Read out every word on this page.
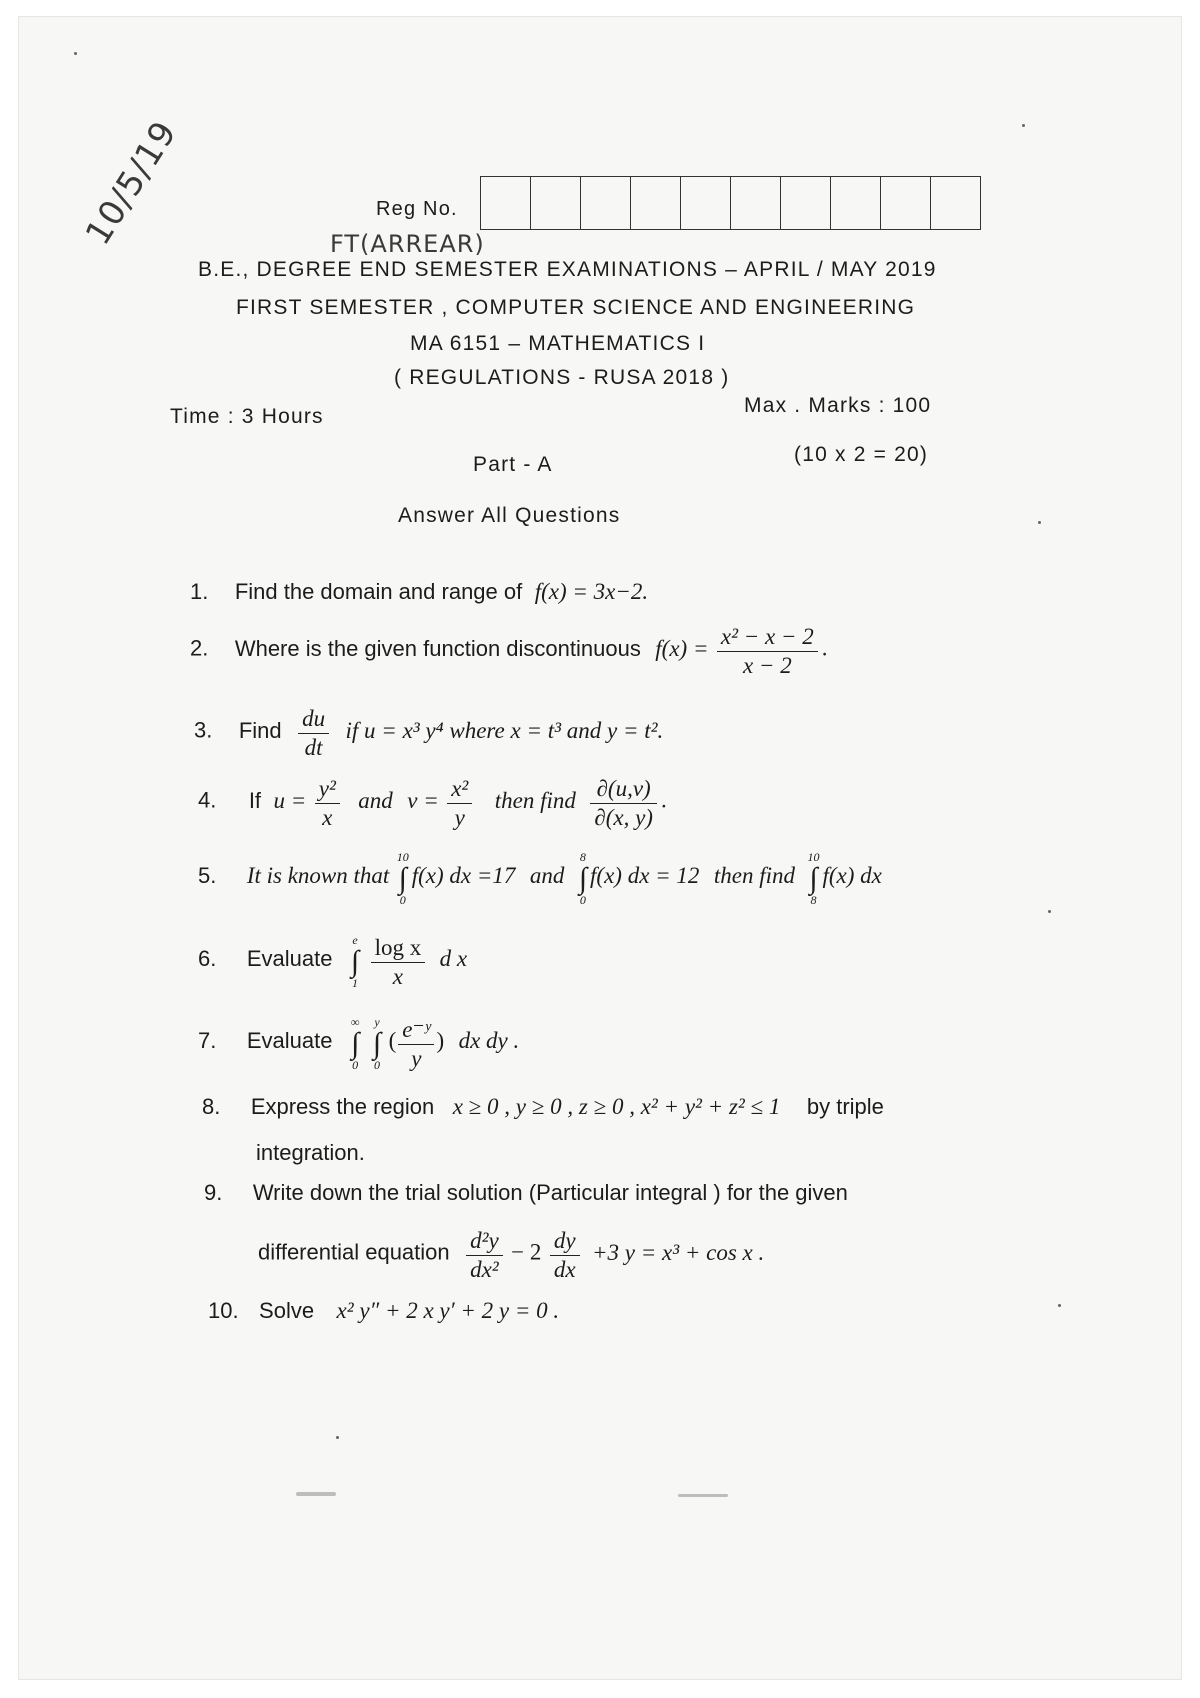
10/5/19	FT(ARREAR)
Reg No.
B.E., DEGREE END SEMESTER EXAMINATIONS – APRIL / MAY 2019
FIRST SEMESTER , COMPUTER SCIENCE AND ENGINEERING
MA 6151 – MATHEMATICS I
( REGULATIONS - RUSA 2018 )
Time : 3 Hours	Max . Marks : 100
Part - A	(10 x 2 = 20)
Answer All Questions
1. Find the domain and range of f(x) = 3x−2.
2. Where is the given function discontinuous $f(x) = \frac{\text{x² − x − 2}}{x - 2}$ .
3. Find $\frac{du}{dt}$ if u = x³ y⁴ where x = t³ and y = t².
4. If $u = \frac{\text{y²}}{x}$ and $v = \frac{\text{x²}}{y}$ then find $\frac{\partial(u,v)}{\partial(x, y)}$ .
5. It is known that 10
∫
0f(x) dx =17 and 8
∫
0f(x) dx = 12 then find 10
∫
8f(x) dx
6. Evaluate e
∫
$1 \frac{\text{log x}}{x}$ d x
7. Evaluate ∞
∫
0 y
∫
0 ( $\frac{\text{e⁻ʸ}}{y}$ ) dx dy .
8. Express the region x ≥ 0 , y ≥ 0 , z ≥ 0 , x² + y² + z² ≤ 1 by triple
integration.
9. Write down the trial solution (Particular integral ) for the given
differential equation $\frac{\text{d²y}}{\text{dx²}} - 2 \frac{dy}{dx} +3$ y = x³ + cos x .
10. Solve x² y″ + 2 x y′ + 2 y = 0 .
